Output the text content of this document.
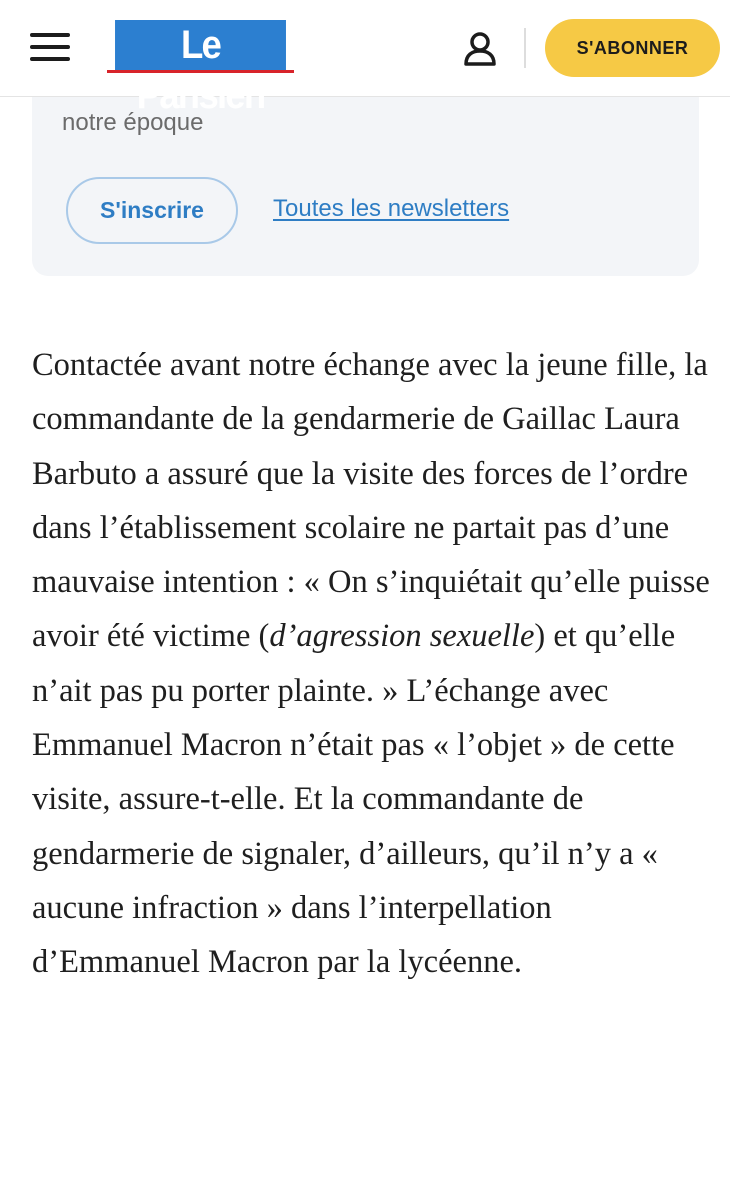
notre époque
S'inscrire	Toutes les newsletters
Le Parisien
S'ABONNER

Contactée avant notre échange avec la jeune fille, la commandante de la gendarmerie de Gaillac Laura Barbuto a assuré que la visite des forces de l’ordre dans l’établissement scolaire ne partait pas d’une mauvaise intention : « On s’inquiétait qu’elle puisse avoir été victime (d’agression sexuelle) et qu’elle n’ait pas pu porter plainte. » L’échange avec Emmanuel Macron n’était pas « l’objet » de cette visite, assure-t-elle. Et la commandante de gendarmerie de signaler, d’ailleurs, qu’il n’y a « aucune infraction » dans l’interpellation d’Emmanuel Macron par la lycéenne.
